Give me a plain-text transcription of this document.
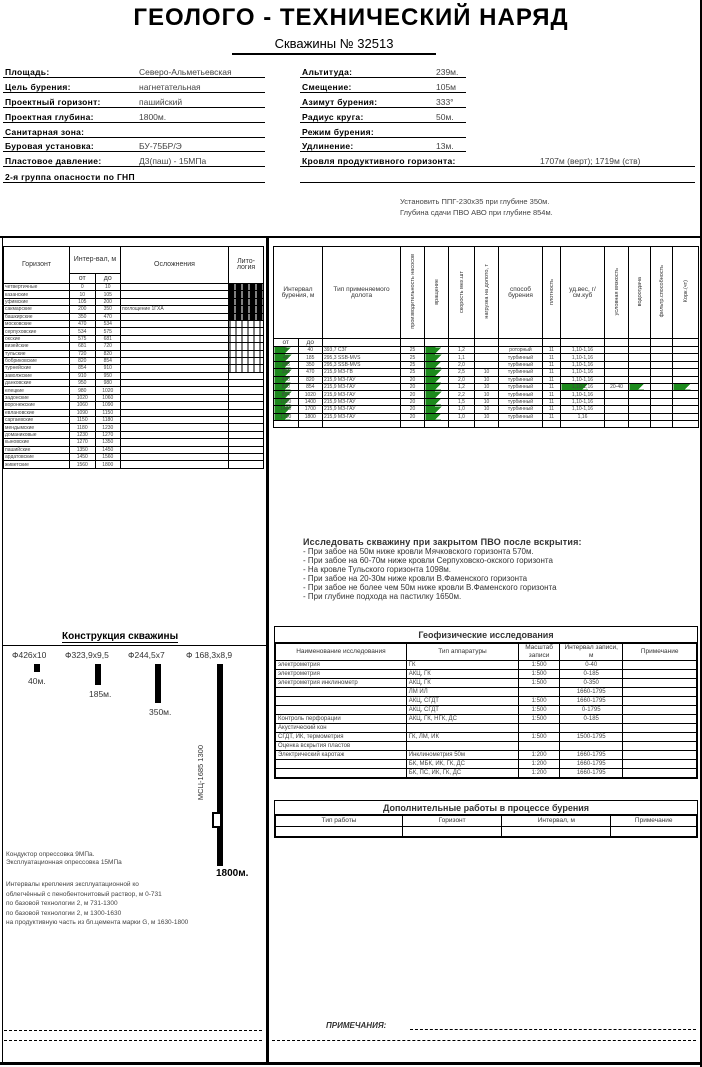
ГЕОЛОГО - ТЕХНИЧЕСКИЙ НАРЯД
Скважины № 32513
Площадь:	Северо-Альметьевская
Цель бурения:	нагнетательная
Проектный горизонт:	пашийский
Проектная глубина:	1800м.
Санитарная зона:
Буровая установка:	БУ-75БР/Э
Пластовое давление:	Д3(паш) - 15МПа
2-я группа опасности по ГНП
Альтитуда:	239м.
Смещение:	105м
Азимут бурения:	333°
Радиус круга:	50м.
Режим бурения:
Удлинение:	13м.
Кровля продуктивного горизонта:	1707м (верт); 1719м (ств)
Установить ППГ-230х35 при глубине 350м.
Глубина сдачи ПВО АВО при глубине 854м.
Горизонт	Интер-вал, м		Осложнения	Лито-логия
	от	до		
четвертичные	0	10		
казанские	10	105		
уфимские	105	200		
сакмарские	200	350	поглощение 1ГХА	
башкирские	350	470		
московские	470	534		
серпуховские	534	575		
окские	575	681		
визейские	681	720		
тульские	720	820		
бобриковские	820	854		
турнейские	854	910		
заволжские	910	950		
данковские	950	980		
елецкие	980	1020		
задонские	1020	1060		
воронежские	1060	1090		
евлановские	1090	1150		
саргаевские	1150	1180		
мендымские	1180	1230		
доманиковые	1230	1270		
кыновские	1270	1350		
пашийские	1350	1450		
ардатовские	1450	1560		
живетские	1560	1800		
Конструкция скважины
Ф426х10
40м.
Ф323,9х9,5
185м.
Ф244,5х7
350м.
Ф 168,3х8,9
1800м.
МСЦ-1685 1300
Кондуктор опрессовка 9МПа.
Эксплуатационная опрессовка 15МПа
Интервалы крепления эксплуатационной ко
облегчённый с пенобентонитовый раствор, м 0-731
по базовой технологии 2, м 731-1300
по базовой технологии 2, м 1300-1630
на продуктивную часть из бл.цемента марки G, м 1630-1800
Интервал бурения, м		Тип применяемого долота	производительность насосов	вращение	скорость мех.шт	нагрузка на долото, т	способ бурения	плотность	уд.вес, г/см.куб	условная вязкость	водоотдача	фильтр.способность	Корк.(чт)
от	до												
0	40	393,7 СЗГ	25		1,2		роторный	11	1,10-1,16				
40	185	295,3 SSB-MVS	25		1,1		турбинный	11	1,10-1,16				
185	350	295,3 SSB-MVS	25		2,0		турбинный	11	1,10-1,16				
350	470	215,9 МЗ-ГВ	25		2,5	10	турбинный	11	1,10-1,16				
470	820	215,9 МЗ-ГАУ	20		2,0	10	турбинный	11	1,10-1,16				
820	854	215,9 МЗ-ГАУ	20		1,2	10	турбинный	11	1,10-1,16	20-40			
854	1020	215,9 МЗ-ГАУ	20		2,2	10	турбинный	11	1,10-1,16				
1020	1400	215,9 МЗ-ГАУ	20		1,5	10	турбинный	11	1,10-1,16				
1400	1700	215,9 МЗ-ГАУ	20		1,0	10	турбинный	11	1,10-1,16				
1700	1800	215,9 МЗ-ГАУ	20		1,0	10	турбинный	11	1,16				

Исследовать скважину при закрытом ПВО после вскрытия:
- При забое на 50м ниже кровли Мячковского горизонта 570м.
- При забое на 60-70м ниже кровли Серпуховско-окского горизонта
- На кровле Тульского горизонта 1098м.
- При забое на 20-30м ниже кровли В.Фаменского горизонта
- При забое не более чем 50м ниже кровли В.Фаменского горизонта
- При глубине подхода на пастилку 1650м.
Геофизические исследования
Наименование исследования	Тип аппаратуры	Масштаб записи	Интервал записи, м	Примечание
электрометрия	ГК	1:500	0-40	
электрометрия	АКЦ, ГК	1:500	0-185	
электрометрия инклинометр	АКЦ, ГК	1:500	0-350	
	ЛМ ИЛ		1660-1795	
	АКЦ, СГДТ	1:500	1660-1795	
	АКЦ, СГДТ	1:500	0-1795	
Контроль перфорации	АКЦ, ГК, НГК, ДС	1:500	0-185	
Акустический кон				
СГДТ, ИК, термометрия	ГК, ЛМ, ИК	1:500	1500-1795	
Оценка вскрытия пластов				
Электрический каротаж	Инклинометрия 50м	1:200	1660-1795	
	БК, МБК, ИК, ГК, ДС	1:200	1660-1795	
	БК, ПС, ИК, ГК, ДС	1:200	1660-1795	
Дополнительные работы в процессе бурения
Тип работы	Горизонт	Интервал, м	Примечание

ПРИМЕЧАНИЯ:
